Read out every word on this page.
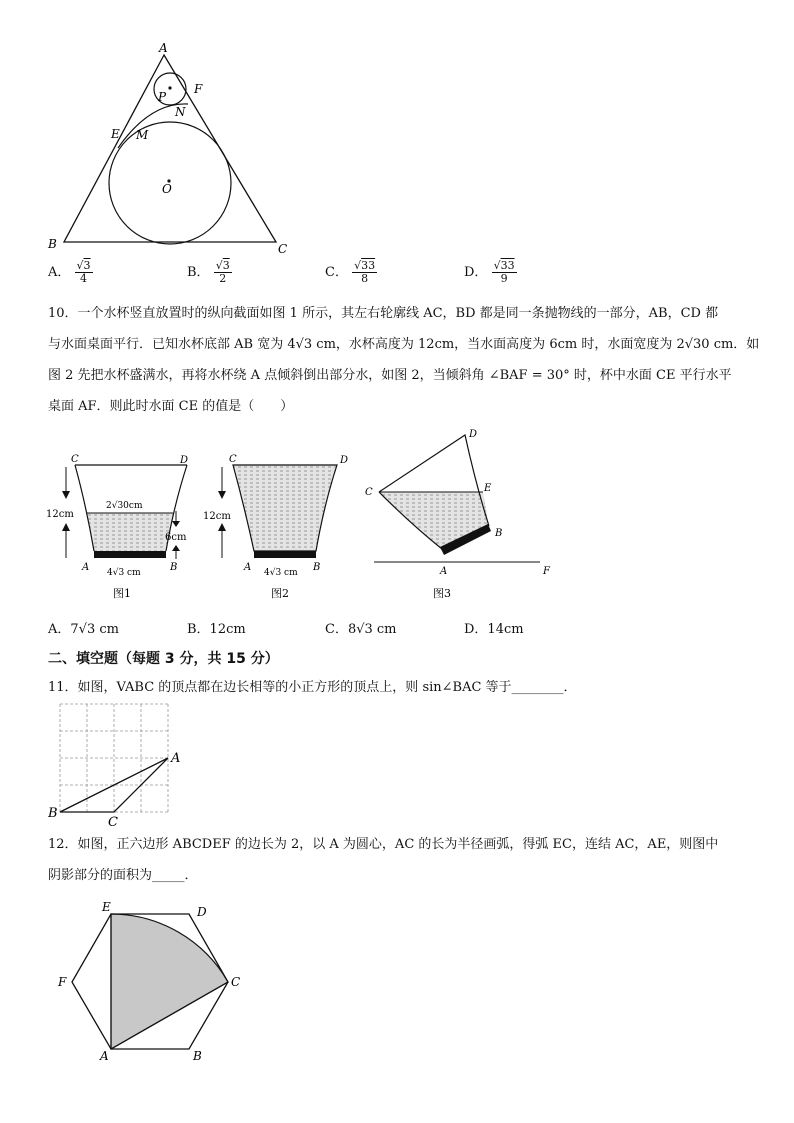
A
P
F
N
E M
O
B	C
A． $\frac{√3}{4}$	B． $\frac{√3}{2}$	C． $\frac{√33}{8}$	D． $\frac{√33}{9}$
10．一个水杯竖直放置时的纵向截面如图 1 所示，其左右轮廓线 AC，BD 都是同一条抛物线的一部分，AB，CD 都
与水面桌面平行．已知水杯底部 AB 宽为 4√3 cm，水杯高度为 12cm，当水面高度为 6cm 时，水面宽度为 2√30 cm．如
图 2 先把水杯盛满水，再将水杯绕 A 点倾斜倒出部分水，如图 2，当倾斜角 ∠BAF = 30° 时，杯中水面 CE 平行水平
桌面 AF．则此时水面 CE 的值是（　　）
C	D
A	B
12cm
6cm
2√30cm
4√3 cm
图1
C	D
A	B
12cm
4√3 cm
图2
D
C	E
B
A	F
图3
A．7√3 cm	B．12cm	C．8√3 cm	D．14cm
二、填空题（每题 3 分，共 15 分）
11．如图，VABC 的顶点都在边长相等的小正方形的顶点上，则 sin∠BAC 等于________．
A
B
C
12．如图，正六边形 ABCDEF 的边长为 2，以 A 为圆心，AC 的长为半径画弧，得弧 EC，连结 AC，AE，则图中
阴影部分的面积为_____．
A	B
C
D
E
F
